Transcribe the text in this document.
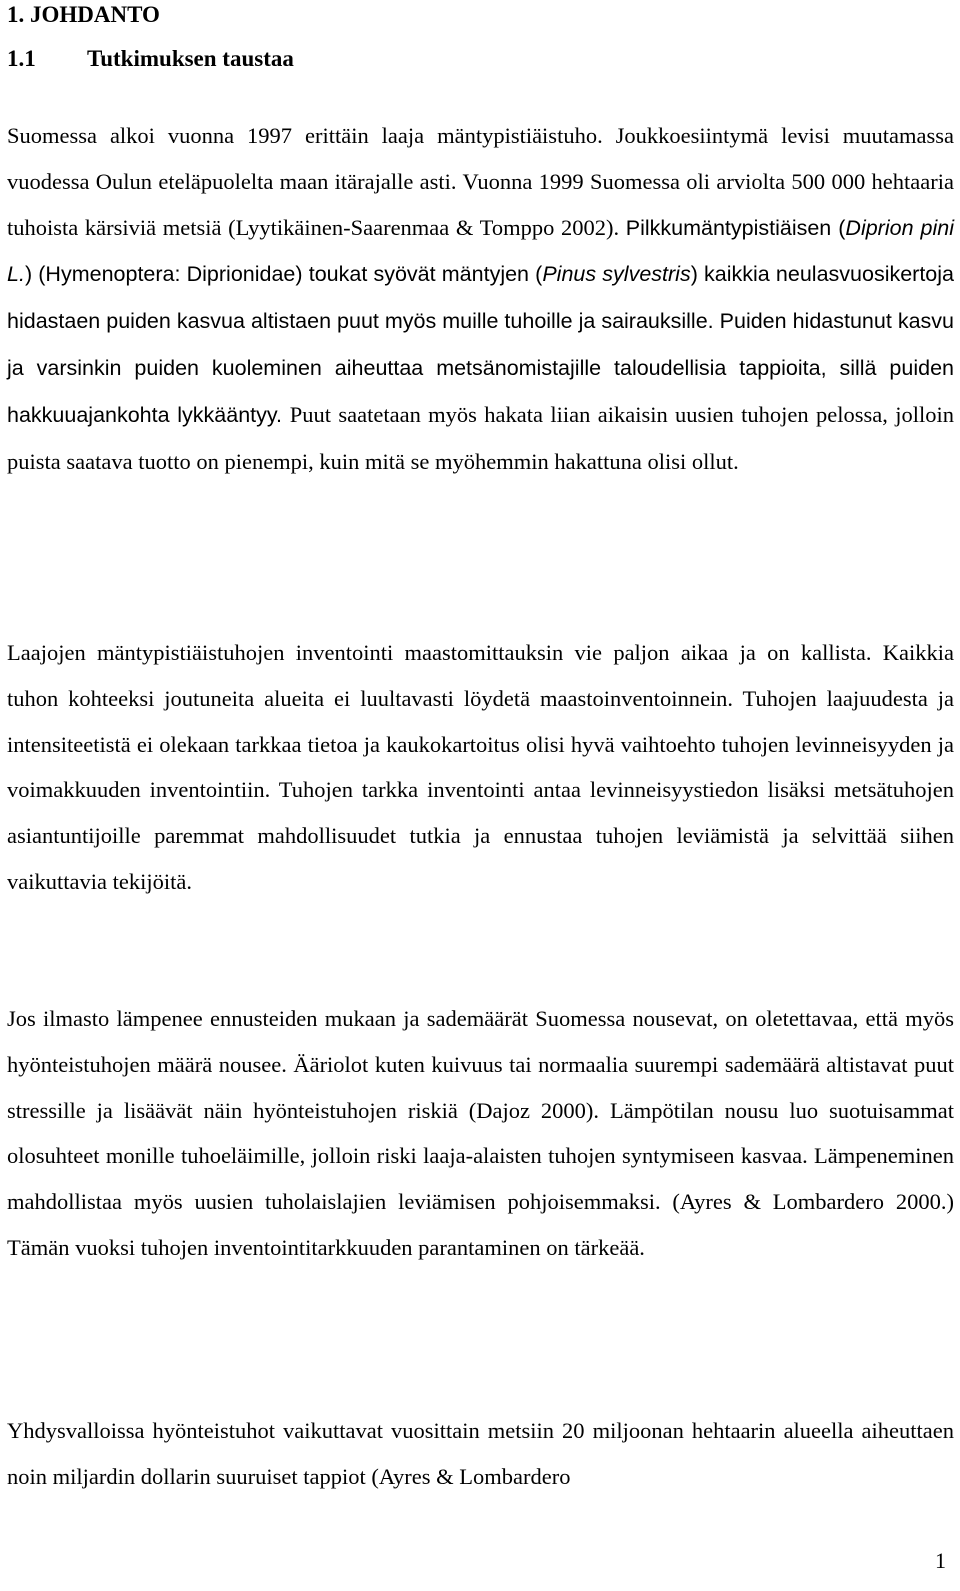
1. JOHDANTO
1.1 Tutkimuksen taustaa

Suomessa alkoi vuonna 1997 erittäin laaja mäntypistiäistuho. Joukkoesiintymä levisi muutamassa vuodessa Oulun eteläpuolelta maan itärajalle asti. Vuonna 1999 Suomessa oli arviolta 500 000 hehtaaria tuhoista kärsiviä metsiä (Lyytikäinen-Saarenmaa & Tomppo 2002). Pilkkumäntypistiäisen (Diprion pini L.) (Hymenoptera: Diprionidae) toukat syövät mäntyjen (Pinus sylvestris) kaikkia neulasvuosikertoja hidastaen puiden kasvua altistaen puut myös muille tuhoille ja sairauksille. Puiden hidastunut kasvu ja varsinkin puiden kuoleminen aiheuttaa metsänomistajille taloudellisia tappioita, sillä puiden hakkuuajankohta lykkääntyy. Puut saatetaan myös hakata liian aikaisin uusien tuhojen pelossa, jolloin puista saatava tuotto on pienempi, kuin mitä se myöhemmin hakattuna olisi ollut.

Laajojen mäntypistiäistuhojen inventointi maastomittauksin vie paljon aikaa ja on kallista. Kaikkia tuhon kohteeksi joutuneita alueita ei luultavasti löydetä maastoinventoinnein. Tuhojen laajuudesta ja intensiteetistä ei olekaan tarkkaa tietoa ja kaukokartoitus olisi hyvä vaihtoehto tuhojen levinneisyyden ja voimakkuuden inventointiin. Tuhojen tarkka inventointi antaa levinneisyystiedon lisäksi metsätuhojen asiantuntijoille paremmat mahdollisuudet tutkia ja ennustaa tuhojen leviämistä ja selvittää siihen vaikuttavia tekijöitä.

Jos ilmasto lämpenee ennusteiden mukaan ja sademäärät Suomessa nousevat, on oletettavaa, että myös hyönteistuhojen määrä nousee. Ääriolot kuten kuivuus tai normaalia suurempi sademäärä altistavat puut stressille ja lisäävät näin hyönteistuhojen riskiä (Dajoz 2000). Lämpötilan nousu luo suotuisammat olosuhteet monille tuhoeläimille, jolloin riski laaja-alaisten tuhojen syntymiseen kasvaa. Lämpeneminen mahdollistaa myös uusien tuholaislajien leviämisen pohjoisemmaksi. (Ayres & Lombardero 2000.) Tämän vuoksi tuhojen inventointitarkkuuden parantaminen on tärkeää.

Yhdysvalloissa hyönteistuhot vaikuttavat vuosittain metsiin 20 miljoonan hehtaarin alueella aiheuttaen noin miljardin dollarin suuruiset tappiot (Ayres & Lombardero

1
